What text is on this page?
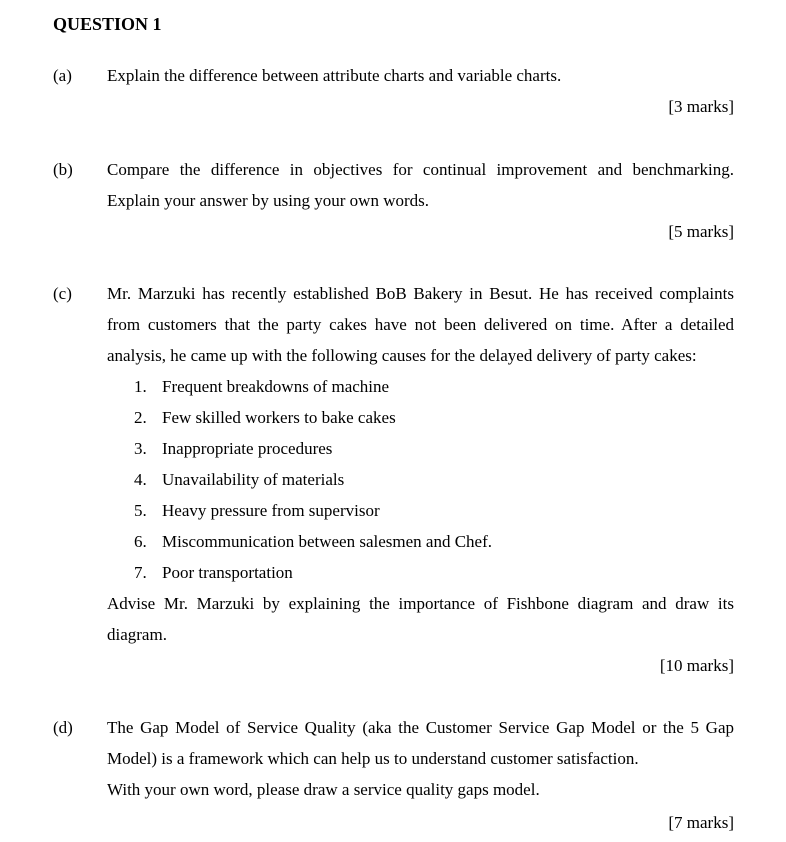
QUESTION 1
(a)	Explain the difference between attribute charts and variable charts.
[3 marks]
(b)	Compare the difference in objectives for continual improvement and benchmarking.
Explain your answer by using your own words.
[5 marks]
(c)	Mr. Marzuki has recently established BoB Bakery in Besut. He has received complaints from customers that the party cakes have not been delivered on time. After a detailed analysis, he came up with the following causes for the delayed delivery of party cakes:
1. Frequent breakdowns of machine
2. Few skilled workers to bake cakes
3. Inappropriate procedures
4. Unavailability of materials
5. Heavy pressure from supervisor
6. Miscommunication between salesmen and Chef.
7. Poor transportation
Advise Mr. Marzuki by explaining the importance of Fishbone diagram and draw its diagram.
[10 marks]
(d)	The Gap Model of Service Quality (aka the Customer Service Gap Model or the 5 Gap Model) is a framework which can help us to understand customer satisfaction.
With your own word, please draw a service quality gaps model.
[7 marks]
